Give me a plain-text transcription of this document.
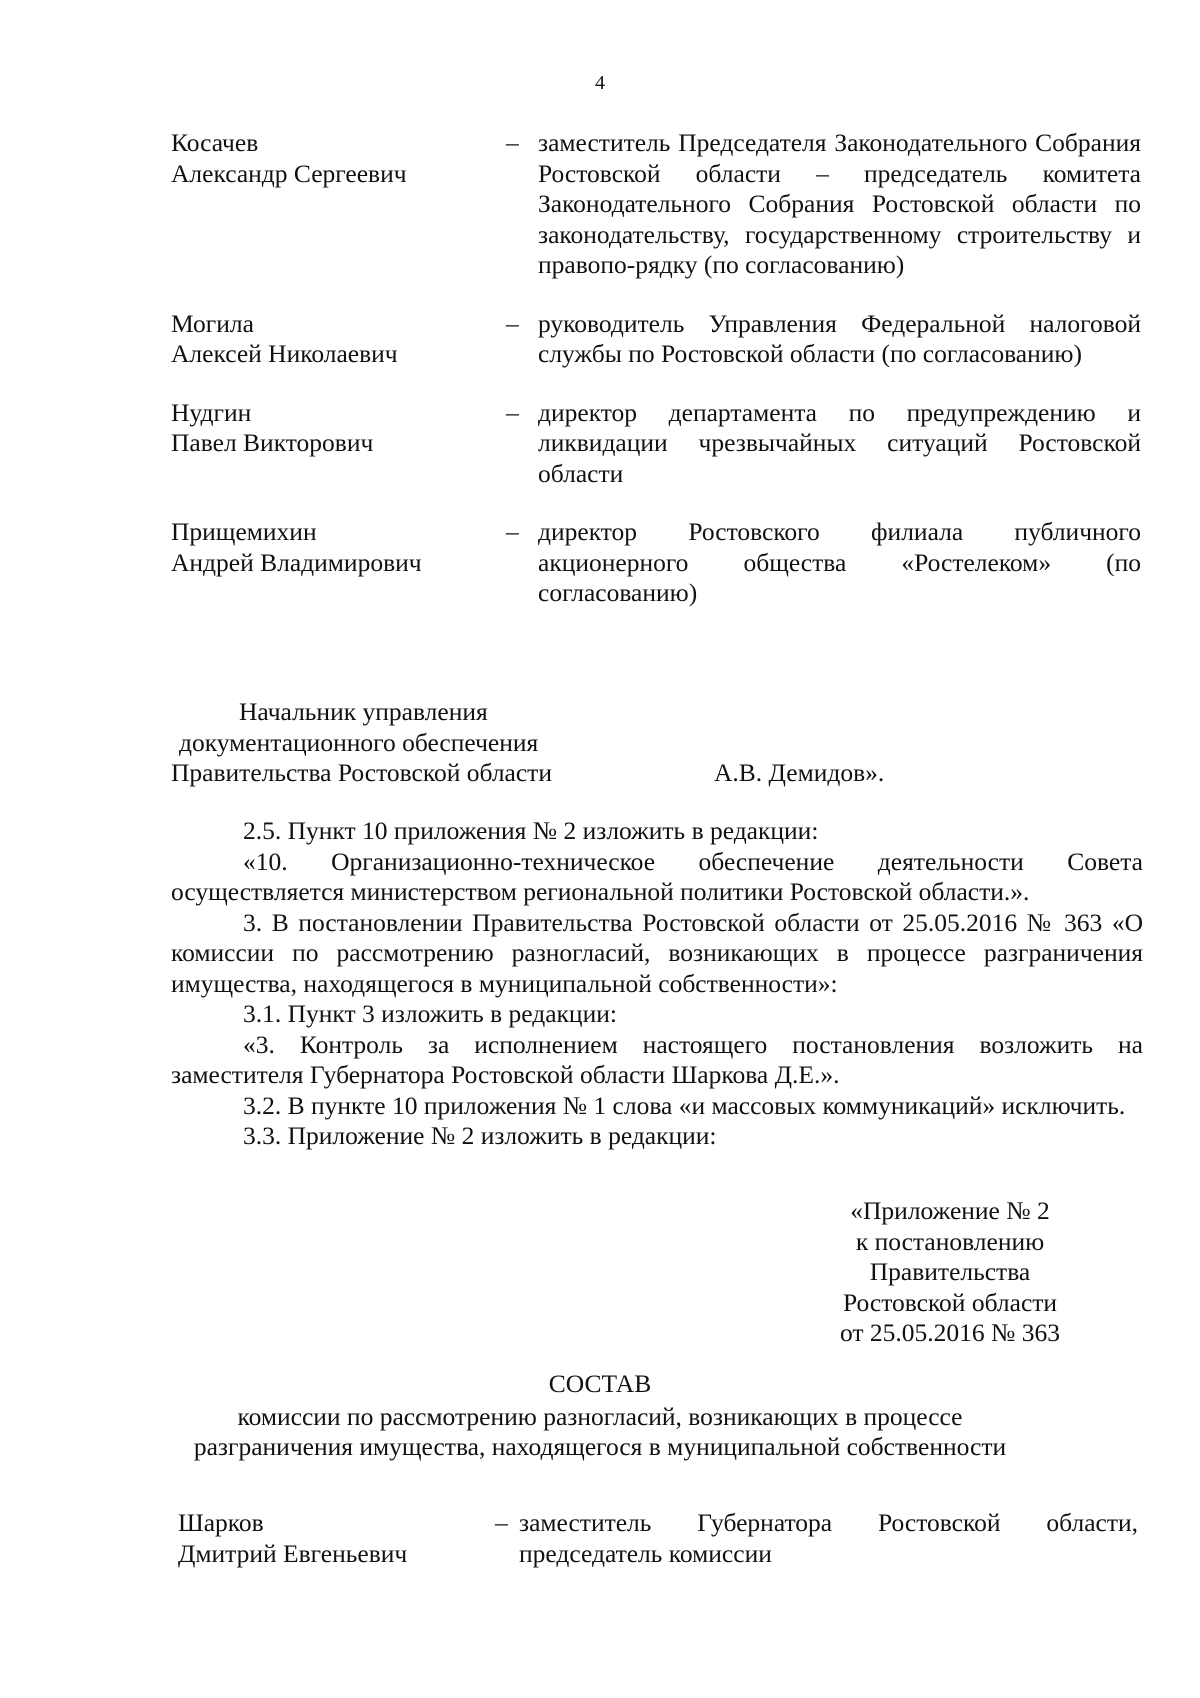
4
Косачев
Александр Сергеевич
– заместитель Председателя Законодательного Собрания Ростовской области – председатель комитета Законодательного Собрания Ростовской области по законодательству, государственному строительству и правопо-рядку (по согласованию)
Могила
Алексей Николаевич
– руководитель Управления Федеральной налоговой службы по Ростовской области (по согласованию)
Нудгин
Павел Викторович
– директор департамента по предупреждению и ликвидации чрезвычайных ситуаций Ростовской области
Прищемихин
Андрей Владимирович
– директор Ростовского филиала публичного акционерного общества «Ростелеком» (по согласованию)
Начальник управления
документационного обеспечения
Правительства Ростовской области	А.В. Демидов».

2.5. Пункт 10 приложения № 2 изложить в редакции:

«10. Организационно-техническое обеспечение деятельности Совета осуществляется министерством региональной политики Ростовской области.».

3. В постановлении Правительства Ростовской области от 25.05.2016 № 363 «О комиссии по рассмотрению разногласий, возникающих в процессе разграничения имущества, находящегося в муниципальной собственности»:

3.1. Пункт 3 изложить в редакции:

«3. Контроль за исполнением настоящего постановления возложить на заместителя Губернатора Ростовской области Шаркова Д.Е.».

3.2. В пункте 10 приложения № 1 слова «и массовых коммуникаций» исключить.

3.3. Приложение № 2 изложить в редакции:

«Приложение № 2
к постановлению
Правительства
Ростовской области
от 25.05.2016 № 363
СОСТАВ
комиссии по рассмотрению разногласий, возникающих в процессе
разграничения имущества, находящегося в муниципальной собственности
Шарков
Дмитрий Евгеньевич
– заместитель Губернатора Ростовской области, председатель комиссии
